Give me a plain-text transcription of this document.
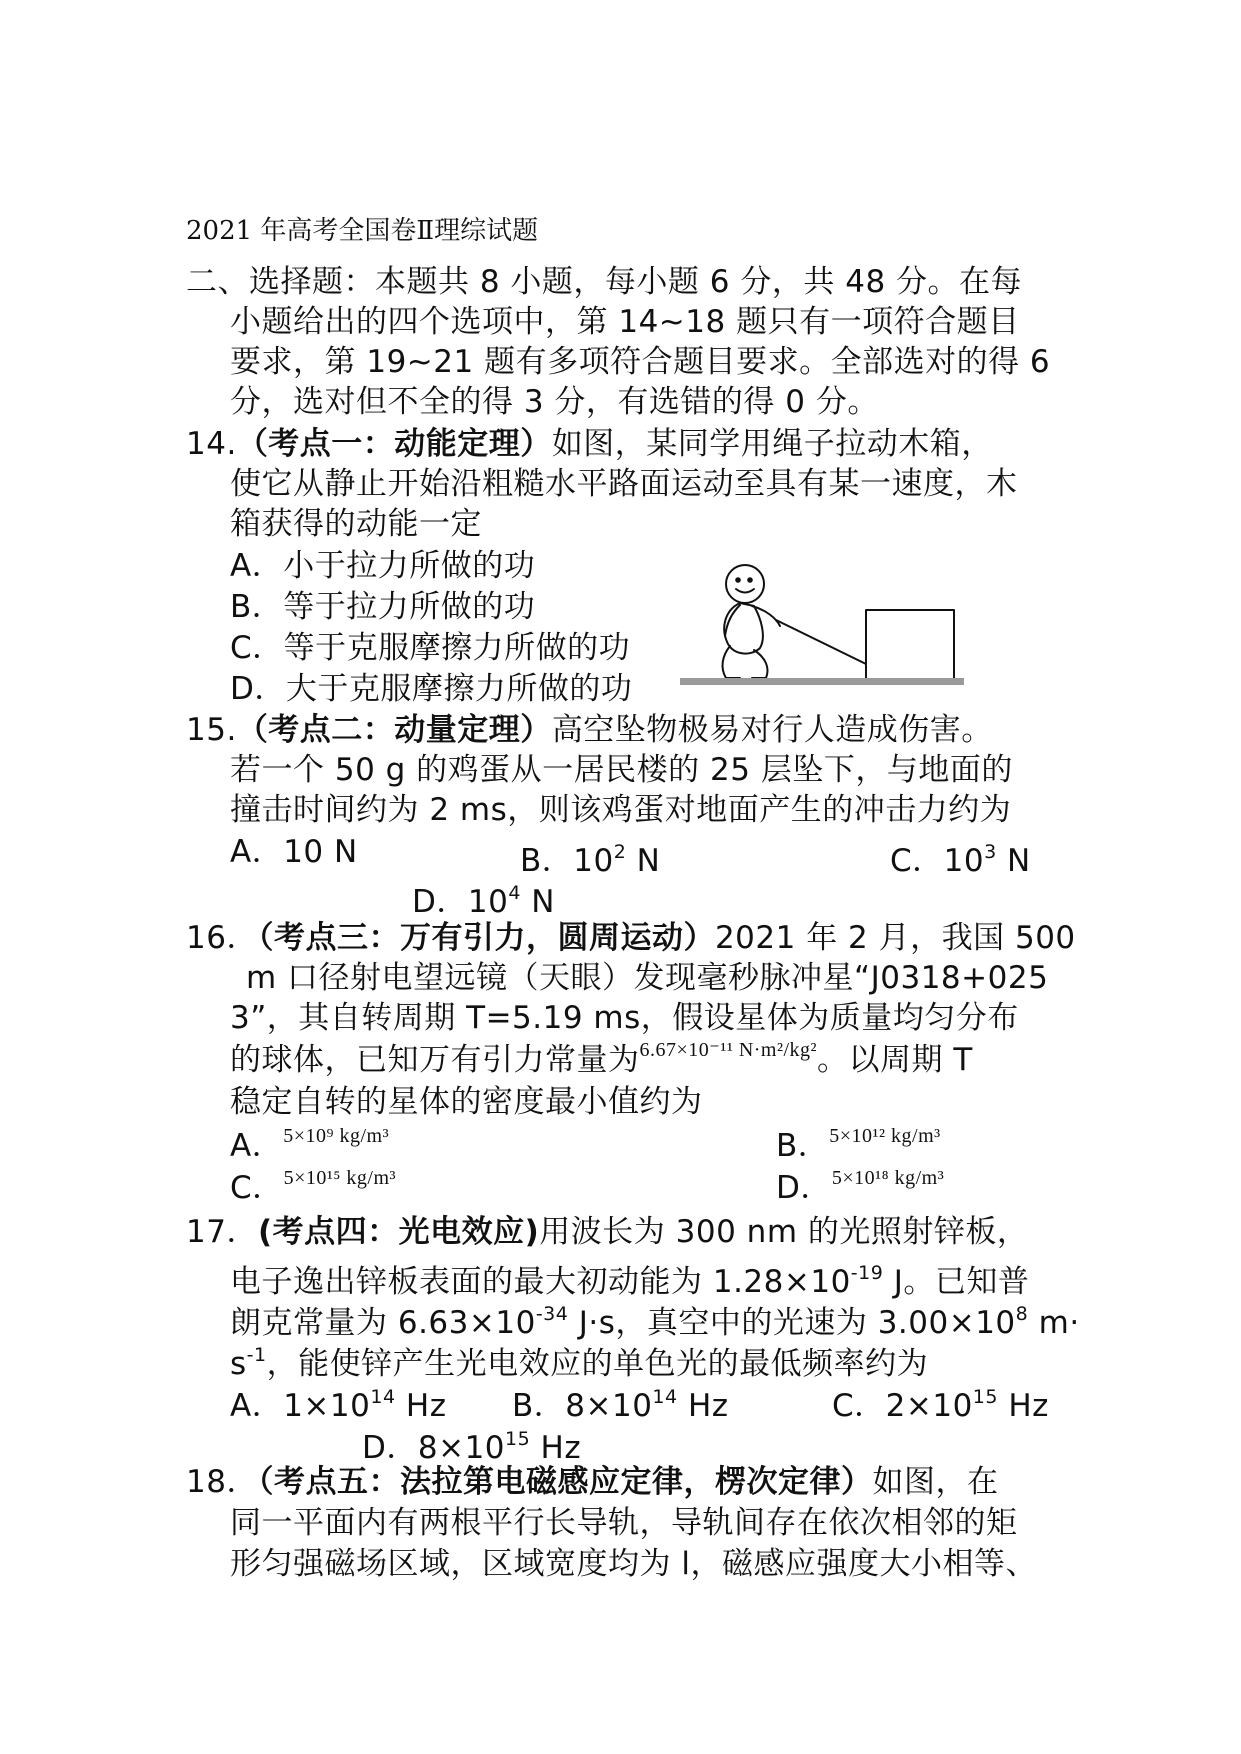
2021 年高考全国卷Ⅱ理综试题
二、选择题：本题共 8 小题，每小题 6 分，共 48 分。在每
小题给出的四个选项中，第 14~18 题只有一项符合题目
要求，第 19~21 题有多项符合题目要求。全部选对的得 6
分，选对但不全的得 3 分，有选错的得 0 分。
14.（考点一：动能定理）如图，某同学用绳子拉动木箱，
使它从静止开始沿粗糙水平路面运动至具有某一速度，木
箱获得的动能一定
A．小于拉力所做的功
B．等于拉力所做的功
C．等于克服摩擦力所做的功
D．大于克服摩擦力所做的功
15.（考点二：动量定理）高空坠物极易对行人造成伤害。
若一个 50 g 的鸡蛋从一居民楼的 25 层坠下，与地面的
撞击时间约为 2 ms，则该鸡蛋对地面产生的冲击力约为
A．10 N	B．$10^2$ N	C．$10^3$ N
D．$10^4$ N
16．（考点三：万有引力，圆周运动）2021 年 2 月，我国 500
m 口径射电望远镜（天眼）发现毫秒脉冲星“J0318+025
3”，其自转周期 T=5.19 ms，假设星体为质量均匀分布
的球体，已知万有引力常量为$^{6.67\times 10^{-11} N\cdot m^2/kg^2}$。以周期 T
稳定自转的星体的密度最小值约为
A．$^{5\times 10^9 kg/m^3}$	B．$^{5\times 10^{12} kg/m^3}$
C．$^{5\times 10^{15} kg/m^3}$	D．$^{5\times 10^{18} kg/m^3}$
17．(考点四：光电效应)用波长为 300 nm 的光照射锌板，
电子逸出锌板表面的最大初动能为 $1.28\times 10^{-19}$ J。已知普
朗克常量为 $6.63\times 10^{-34}$ J·s，真空中的光速为 $3.00\times 10^8$ m·
$s^{-1}$，能使锌产生光电效应的单色光的最低频率约为
A．$1\times 10^{14}$ Hz B．$8\times 10^{14}$ Hz	C．$2\times 10^{15}$ Hz
D．$8\times 10^{15}$ Hz
18．（考点五：法拉第电磁感应定律，楞次定律）如图，在
同一平面内有两根平行长导轨，导轨间存在依次相邻的矩
形匀强磁场区域，区域宽度均为 l，磁感应强度大小相等、
